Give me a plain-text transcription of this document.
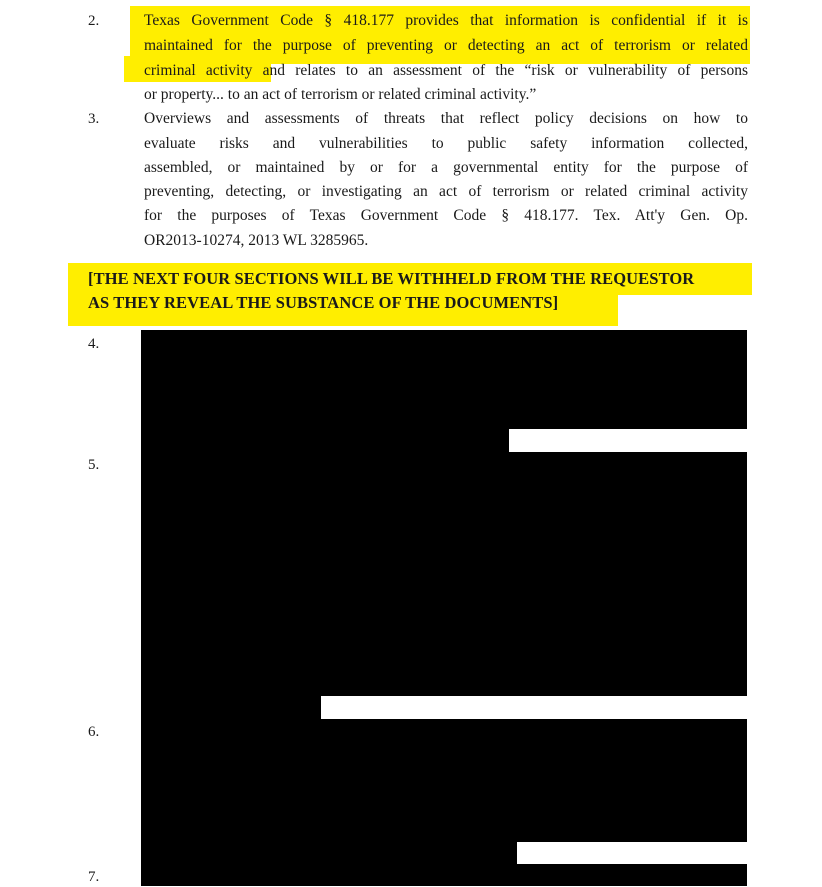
2.	Texas Government Code § 418.177 provides that information is confidential if it is
maintained for the purpose of preventing or detecting an act of terrorism or related
criminal activity and relates to an assessment of the “risk or vulnerability of persons
or property... to an act of terrorism or related criminal activity.”
3.	Overviews and assessments of threats that reflect policy decisions on how to
evaluate risks and vulnerabilities to public safety information collected,
assembled, or maintained by or for a governmental entity for the purpose of
preventing, detecting, or investigating an act of terrorism or related criminal activity
for the purposes of Texas Government Code § 418.177. Tex. Att'y Gen. Op.
OR2013-10274, 2013 WL 3285965.
[THE NEXT FOUR SECTIONS WILL BE WITHHELD FROM THE REQUESTOR
AS THEY REVEAL THE SUBSTANCE OF THE DOCUMENTS]
4.
5.
6.
7.
